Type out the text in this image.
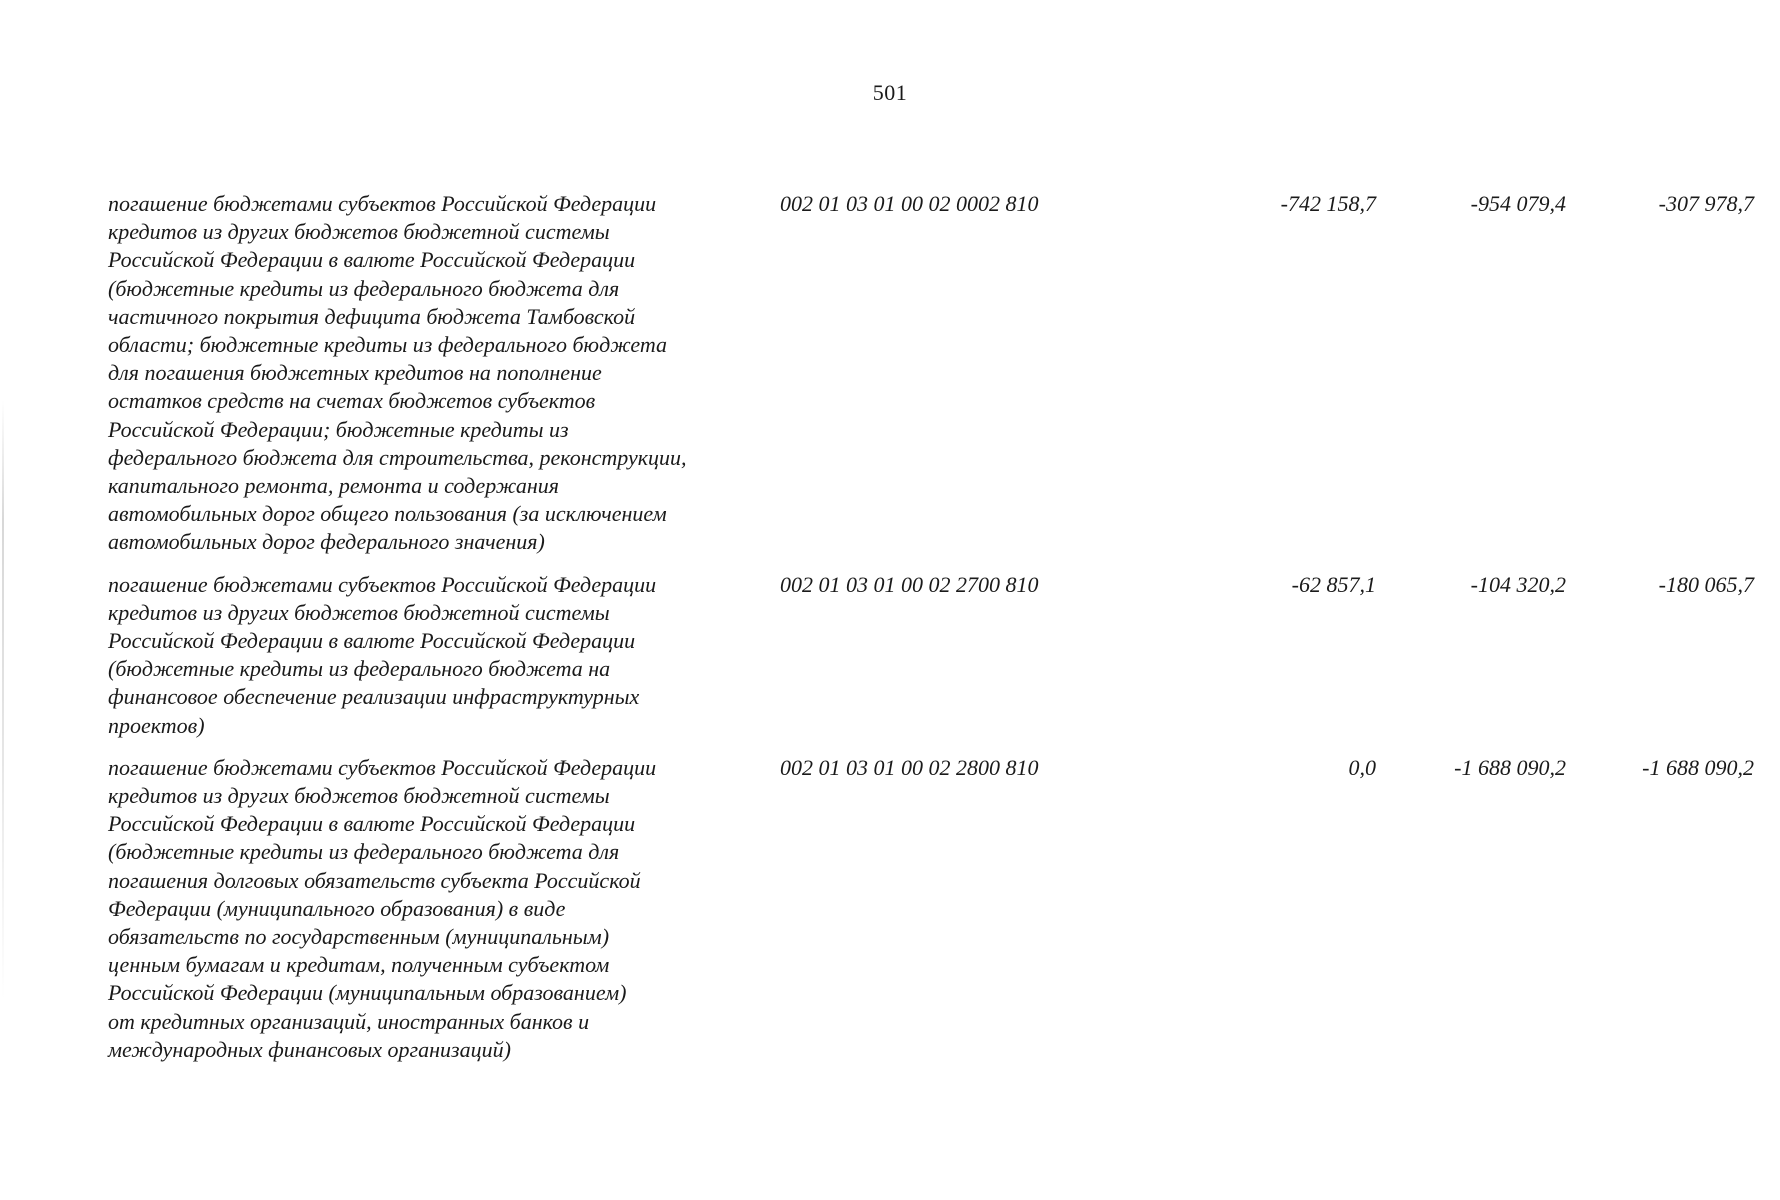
501
погашение бюджетами субъектов Российской Федерации
кредитов из других бюджетов бюджетной системы
Российской Федерации в валюте Российской Федерации
(бюджетные кредиты из федерального бюджета для
частичного покрытия дефицита бюджета Тамбовской
области; бюджетные кредиты из федерального бюджета
для погашения бюджетных кредитов на пополнение
остатков средств на счетах бюджетов субъектов
Российской Федерации; бюджетные кредиты из
федерального бюджета для строительства, реконструкции,
капитального ремонта, ремонта и содержания
автомобильных дорог общего пользования (за исключением
автомобильных дорог федерального значения)
002 01 03 01 00 02 0002 810	-742 158,7	-954 079,4	-307 978,7
погашение бюджетами субъектов Российской Федерации
кредитов из других бюджетов бюджетной системы
Российской Федерации в валюте Российской Федерации
(бюджетные кредиты из федерального бюджета на
финансовое обеспечение реализации инфраструктурных
проектов)
002 01 03 01 00 02 2700 810	-62 857,1	-104 320,2	-180 065,7
погашение бюджетами субъектов Российской Федерации
кредитов из других бюджетов бюджетной системы
Российской Федерации в валюте Российской Федерации
(бюджетные кредиты из федерального бюджета для
погашения долговых обязательств субъекта Российской
Федерации (муниципального образования) в виде
обязательств по государственным (муниципальным)
ценным бумагам и кредитам, полученным субъектом
Российской Федерации (муниципальным образованием)
от кредитных организаций, иностранных банков и
международных финансовых организаций)
002 01 03 01 00 02 2800 810	0,0	-1 688 090,2	-1 688 090,2
